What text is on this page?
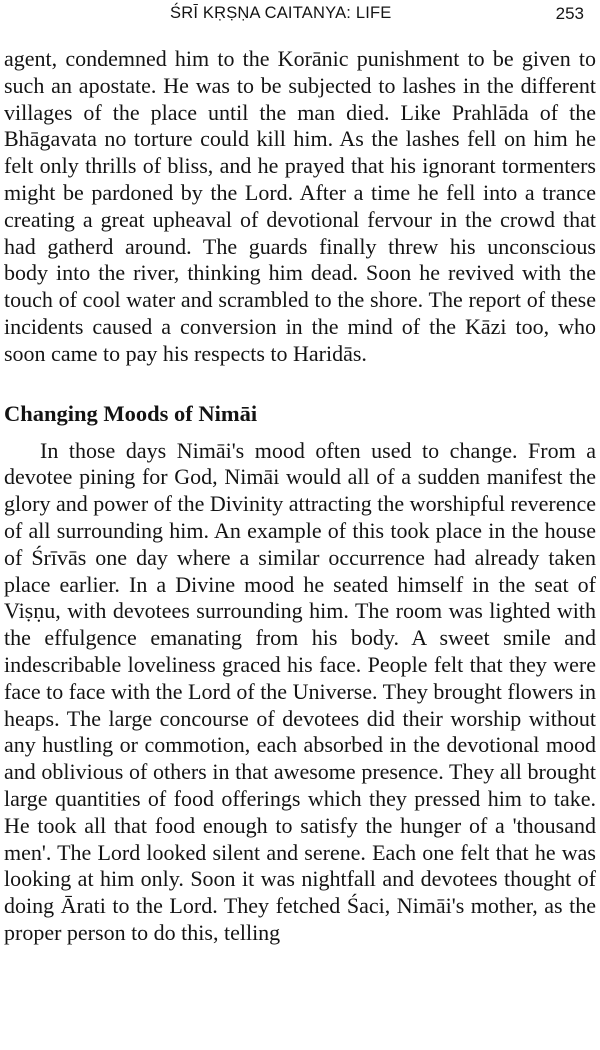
ŚRĪ KṚṢṆA CAITANYA: LIFE	253

agent, condemned him to the Korānic punishment to be given to such an apostate. He was to be subjected to lashes in the different villages of the place until the man died. Like Prahlāda of the Bhāgavata no torture could kill him. As the lashes fell on him he felt only thrills of bliss, and he prayed that his ignorant tormenters might be pardoned by the Lord. After a time he fell into a trance creating a great upheaval of devotional fervour in the crowd that had gatherd around. The guards finally threw his unconscious body into the river, thinking him dead. Soon he revived with the touch of cool water and scrambled to the shore. The report of these incidents caused a conversion in the mind of the Kāzi too, who soon came to pay his respects to Haridās.

Changing Moods of Nimāi

In those days Nimāi's mood often used to change. From a devotee pining for God, Nimāi would all of a sudden manifest the glory and power of the Divinity attracting the worshipful reverence of all surrounding him. An example of this took place in the house of Śrīvās one day where a similar occurrence had already taken place earlier. In a Divine mood he seated himself in the seat of Viṣṇu, with devotees surrounding him. The room was lighted with the effulgence emanating from his body. A sweet smile and indescribable loveliness graced his face. People felt that they were face to face with the Lord of the Universe. They brought flowers in heaps. The large concourse of devotees did their worship without any hustling or commotion, each absorbed in the devotional mood and oblivious of others in that awesome presence. They all brought large quantities of food offerings which they pressed him to take. He took all that food enough to satisfy the hunger of a 'thousand men'. The Lord looked silent and serene. Each one felt that he was looking at him only. Soon it was nightfall and devotees thought of doing Ārati to the Lord. They fetched Śaci, Nimāi's mother, as the proper person to do this, telling
